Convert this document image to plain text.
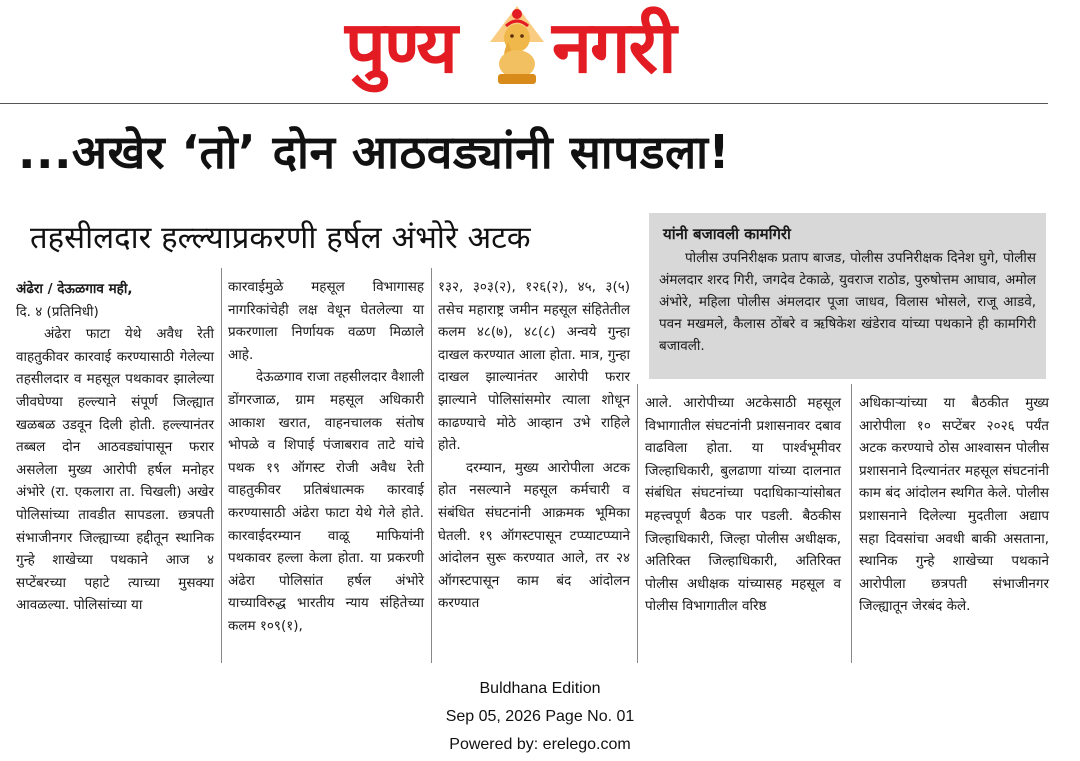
पुण्य नगरी
...अखेर ‘तो’ दोन आठवड्यांनी सापडला!
तहसीलदार हल्ल्याप्रकरणी हर्षल अंभोरे अटक	यांनी बजावली कामगिरी
पोलीस उपनिरीक्षक प्रताप बाजड, पोलीस उपनिरीक्षक दिनेश घुगे, पोलीस अंमलदार शरद गिरी, जगदेव टेकाळे, युवराज राठोड, पुरुषोत्तम आघाव, अमोल अंभोरे, महिला पोलीस अंमलदार पूजा जाधव, विलास भोसले, राजू आडवे, पवन मखमले, कैलास ठोंबरे व ऋषिकेश खंडेराव यांच्या पथकाने ही कामगिरी बजावली.

अंढेरा / देऊळगाव मही,

दि. ४ (प्रतिनिधी)

अंढेरा फाटा येथे अवैध रेती वाहतुकीवर कारवाई करण्यासाठी गेलेल्या तहसीलदार व महसूल पथकावर झालेल्या जीवघेण्या हल्ल्याने संपूर्ण जिल्ह्यात खळबळ उडवून दिली होती. हल्ल्यानंतर तब्बल दोन आठवड्यांपासून फरार असलेला मुख्य आरोपी हर्षल मनोहर अंभोरे (रा. एकलारा ता. चिखली) अखेर पोलिसांच्या तावडीत सापडला. छत्रपती संभाजीनगर जिल्ह्याच्या हद्दीतून स्थानिक गुन्हे शाखेच्या पथकाने आज ४ सप्टेंबरच्या पहाटे त्याच्या मुसक्या आवळल्या. पोलिसांच्या या

कारवाईमुळे महसूल विभागासह नागरिकांचेही लक्ष वेधून घेतलेल्या या प्रकरणाला निर्णायक वळण मिळाले आहे.

देऊळगाव राजा तहसीलदार वैशाली डोंगरजाळ, ग्राम महसूल अधिकारी आकाश खरात, वाहनचालक संतोष भोपळे व शिपाई पंजाबराव ताटे यांचे पथक १९ ऑगस्ट रोजी अवैध रेती वाहतुकीवर प्रतिबंधात्मक कारवाई करण्यासाठी अंढेरा फाटा येथे गेले होते. कारवाईदरम्यान वाळू माफियांनी पथकावर हल्ला केला होता. या प्रकरणी अंढेरा पोलिसांत हर्षल अंभोरे याच्याविरुद्ध भारतीय न्याय संहितेच्या कलम १०९(१),

१३२, ३०३(२), १२६(२), ४५, ३(५) तसेच महाराष्ट्र जमीन महसूल संहितेतील कलम ४८(७), ४८(८) अन्वये गुन्हा दाखल करण्यात आला होता. मात्र, गुन्हा दाखल झाल्यानंतर आरोपी फरार झाल्याने पोलिसांसमोर त्याला शोधून काढण्याचे मोठे आव्हान उभे राहिले होते.

दरम्यान, मुख्य आरोपीला अटक होत नसल्याने महसूल कर्मचारी व संबंधित संघटनांनी आक्रमक भूमिका घेतली. १९ ऑगस्टपासून टप्प्याटप्प्याने आंदोलन सुरू करण्यात आले, तर २४ ऑगस्टपासून काम बंद आंदोलन करण्यात

आले. आरोपीच्या अटकेसाठी महसूल विभागातील संघटनांनी प्रशासनावर दबाव वाढविला होता. या पार्श्वभूमीवर जिल्हाधिकारी, बुलढाणा यांच्या दालनात संबंधित संघटनांच्या पदाधिकाऱ्यांसोबत महत्त्वपूर्ण बैठक पार पडली. बैठकीस जिल्हाधिकारी, जिल्हा पोलीस अधीक्षक, अतिरिक्त जिल्हाधिकारी, अतिरिक्त पोलीस अधीक्षक यांच्यासह महसूल व पोलीस विभागातील वरिष्ठ

अधिकाऱ्यांच्या या बैठकीत मुख्य आरोपीला १० सप्टेंबर २०२६ पर्यंत अटक करण्याचे ठोस आश्वासन पोलीस प्रशासनाने दिल्यानंतर महसूल संघटनांनी काम बंद आंदोलन स्थगित केले. पोलीस प्रशासनाने दिलेल्या मुदतीला अद्याप सहा दिवसांचा अवधी बाकी असताना, स्थानिक गुन्हे शाखेच्या पथकाने आरोपीला छत्रपती संभाजीनगर जिल्ह्यातून जेरबंद केले.

Buldhana Edition
Sep 05, 2026 Page No. 01
Powered by: erelego.com
